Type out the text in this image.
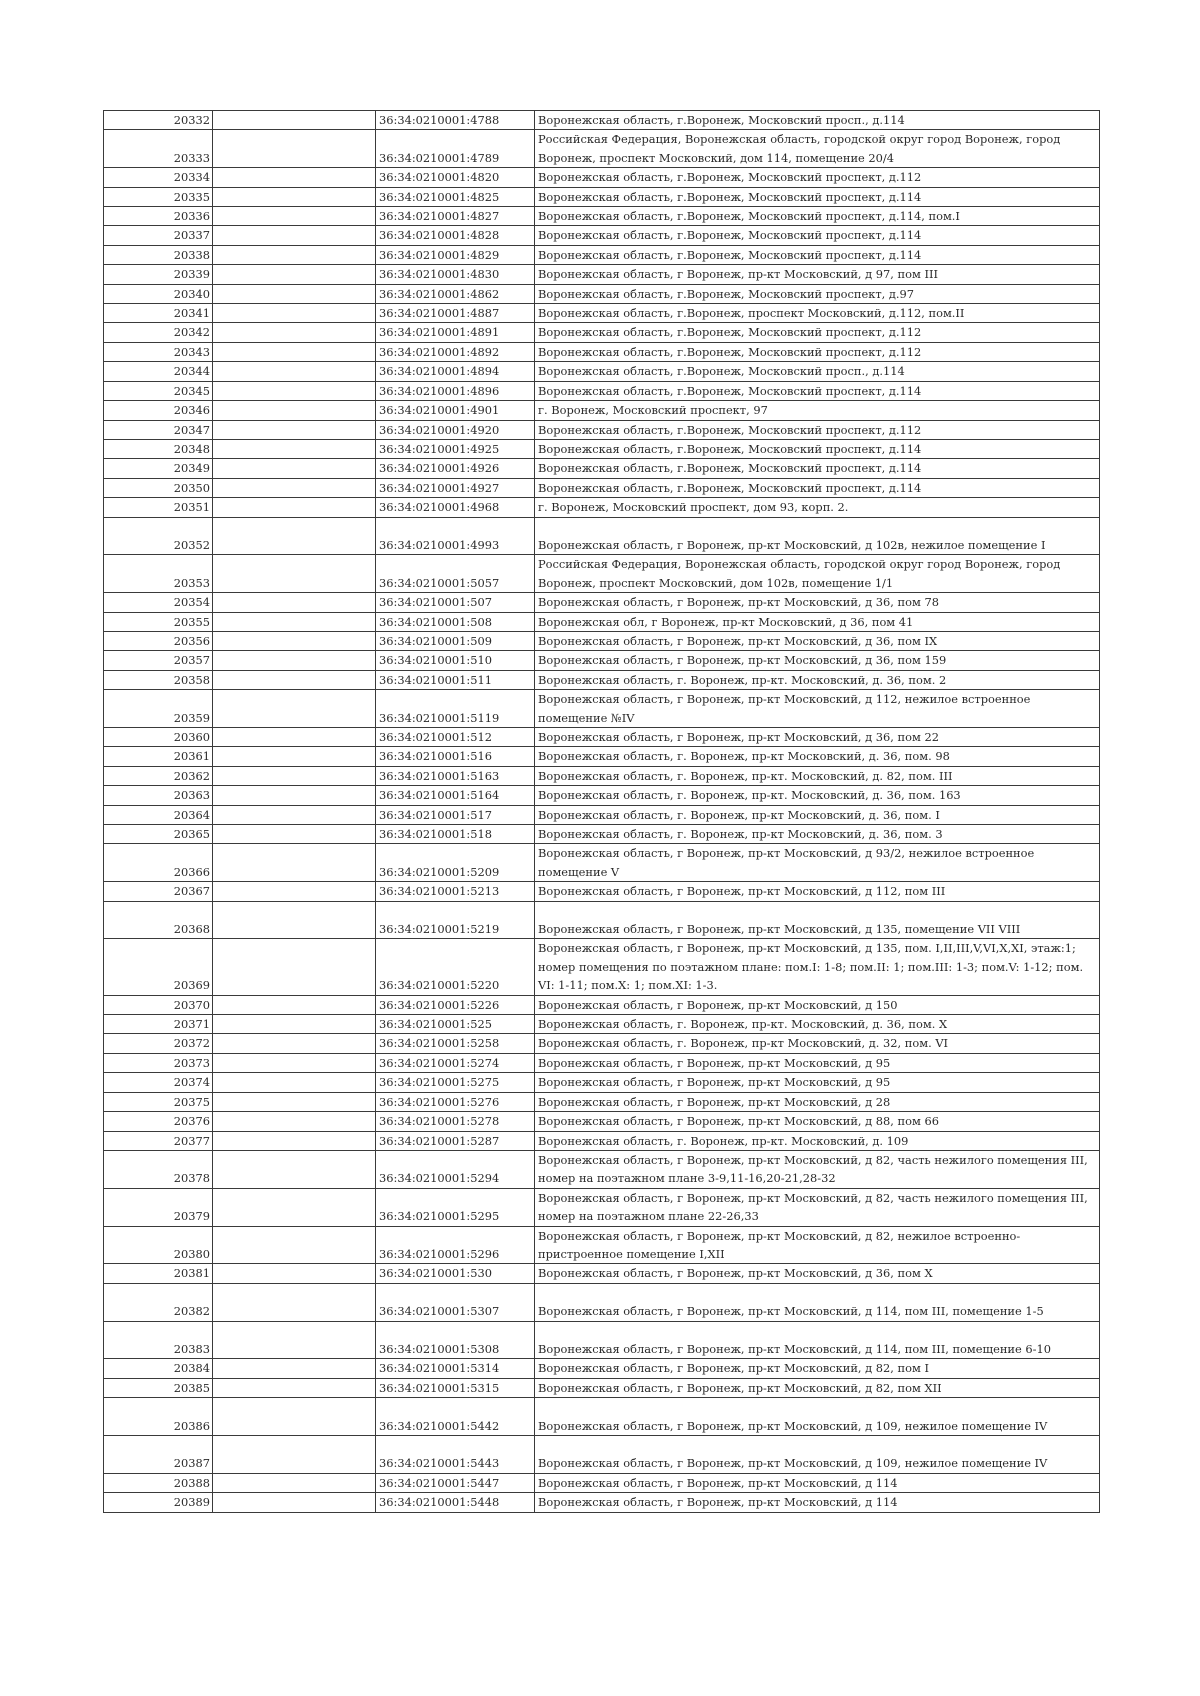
20332		36:34:0210001:4788	Воронежская область, г.Воронеж, Московский просп., д.114
20333		36:34:0210001:4789	Российская Федерация, Воронежская область, городской округ город Воронеж, город Воронеж, проспект Московский, дом 114, помещение 20/4
20334		36:34:0210001:4820	Воронежская область, г.Воронеж, Московский проспект, д.112
20335		36:34:0210001:4825	Воронежская область, г.Воронеж, Московский проспект, д.114
20336		36:34:0210001:4827	Воронежская область, г.Воронеж, Московский проспект, д.114, пом.I
20337		36:34:0210001:4828	Воронежская область, г.Воронеж, Московский проспект, д.114
20338		36:34:0210001:4829	Воронежская область, г.Воронеж, Московский проспект, д.114
20339		36:34:0210001:4830	Воронежская область, г Воронеж, пр-кт Московский, д 97, пом III
20340		36:34:0210001:4862	Воронежская область, г.Воронеж, Московский проспект, д.97
20341		36:34:0210001:4887	Воронежская область, г.Воронеж, проспект Московский, д.112, пом.II
20342		36:34:0210001:4891	Воронежская область, г.Воронеж, Московский проспект, д.112
20343		36:34:0210001:4892	Воронежская область, г.Воронеж, Московский проспект, д.112
20344		36:34:0210001:4894	Воронежская область, г.Воронеж, Московский просп., д.114
20345		36:34:0210001:4896	Воронежская область, г.Воронеж, Московский проспект, д.114
20346		36:34:0210001:4901	г. Воронеж, Московский проспект, 97
20347		36:34:0210001:4920	Воронежская область, г.Воронеж, Московский проспект, д.112
20348		36:34:0210001:4925	Воронежская область, г.Воронеж, Московский проспект, д.114
20349		36:34:0210001:4926	Воронежская область, г.Воронеж, Московский проспект, д.114
20350		36:34:0210001:4927	Воронежская область, г.Воронеж, Московский проспект, д.114
20351		36:34:0210001:4968	г. Воронеж, Московский проспект, дом 93, корп. 2.
20352		36:34:0210001:4993	Воронежская область, г Воронеж, пр-кт Московский, д 102в, нежилое помещение I
20353		36:34:0210001:5057	Российская Федерация, Воронежская область, городской округ город Воронеж, город Воронеж, проспект Московский, дом 102в, помещение 1/1
20354		36:34:0210001:507	Воронежская область, г Воронеж, пр-кт Московский, д 36, пом 78
20355		36:34:0210001:508	Воронежская обл, г Воронеж, пр-кт Московский, д 36, пом 41
20356		36:34:0210001:509	Воронежская область, г Воронеж, пр-кт Московский, д 36, пом IX
20357		36:34:0210001:510	Воронежская область, г Воронеж, пр-кт Московский, д 36, пом 159
20358		36:34:0210001:511	Воронежская область, г. Воронеж, пр-кт. Московский, д. 36, пом. 2
20359		36:34:0210001:5119	Воронежская область, г Воронеж, пр-кт Московский, д 112, нежилое встроенное помещение №IV
20360		36:34:0210001:512	Воронежская область, г Воронеж, пр-кт Московский, д 36, пом 22
20361		36:34:0210001:516	Воронежская область, г. Воронеж, пр-кт Московский, д. 36, пом. 98
20362		36:34:0210001:5163	Воронежская область, г. Воронеж, пр-кт. Московский, д. 82, пом. III
20363		36:34:0210001:5164	Воронежская область, г. Воронеж, пр-кт. Московский, д. 36, пом. 163
20364		36:34:0210001:517	Воронежская область, г. Воронеж, пр-кт Московский, д. 36, пом. I
20365		36:34:0210001:518	Воронежская область, г. Воронеж, пр-кт Московский, д. 36, пом. 3
20366		36:34:0210001:5209	Воронежская область, г Воронеж, пр-кт Московский, д 93/2, нежилое встроенное помещение V
20367		36:34:0210001:5213	Воронежская область, г Воронеж, пр-кт Московский, д 112, пом III
20368		36:34:0210001:5219	Воронежская область, г Воронеж, пр-кт Московский, д 135, помещение VII VIII
20369		36:34:0210001:5220	Воронежская область, г Воронеж, пр-кт Московский, д 135, пом. I,II,III,V,VI,X,XI, этаж:1; номер помещения по поэтажном плане: пом.I: 1-8; пом.II: 1; пом.III: 1-3; пом.V: 1-12; пом. VI: 1-11; пом.X: 1; пом.XI: 1-3.
20370		36:34:0210001:5226	Воронежская область, г Воронеж, пр-кт Московский, д 150
20371		36:34:0210001:525	Воронежская область, г. Воронеж, пр-кт. Московский, д. 36, пом. X
20372		36:34:0210001:5258	Воронежская область, г. Воронеж, пр-кт Московский, д. 32, пом. VI
20373		36:34:0210001:5274	Воронежская область, г Воронеж, пр-кт Московский, д 95
20374		36:34:0210001:5275	Воронежская область, г Воронеж, пр-кт Московский, д 95
20375		36:34:0210001:5276	Воронежская область, г Воронеж, пр-кт Московский, д 28
20376		36:34:0210001:5278	Воронежская область, г Воронеж, пр-кт Московский, д 88, пом 66
20377		36:34:0210001:5287	Воронежская область, г. Воронеж, пр-кт. Московский, д. 109
20378		36:34:0210001:5294	Воронежская область, г Воронеж, пр-кт Московский, д 82, часть нежилого помещения III, номер на поэтажном плане 3-9,11-16,20-21,28-32
20379		36:34:0210001:5295	Воронежская область, г Воронеж, пр-кт Московский, д 82, часть нежилого помещения III, номер на поэтажном плане 22-26,33
20380		36:34:0210001:5296	Воронежская область, г Воронеж, пр-кт Московский, д 82, нежилое встроенно-пристроенное помещение I,XII
20381		36:34:0210001:530	Воронежская область, г Воронеж, пр-кт Московский, д 36, пом X
20382		36:34:0210001:5307	Воронежская область, г Воронеж, пр-кт Московский, д 114, пом III, помещение 1-5
20383		36:34:0210001:5308	Воронежская область, г Воронеж, пр-кт Московский, д 114, пом III, помещение 6-10
20384		36:34:0210001:5314	Воронежская область, г Воронеж, пр-кт Московский, д 82, пом I
20385		36:34:0210001:5315	Воронежская область, г Воронеж, пр-кт Московский, д 82, пом XII
20386		36:34:0210001:5442	Воронежская область, г Воронеж, пр-кт Московский, д 109, нежилое помещение IV
20387		36:34:0210001:5443	Воронежская область, г Воронеж, пр-кт Московский, д 109, нежилое помещение IV
20388		36:34:0210001:5447	Воронежская область, г Воронеж, пр-кт Московский, д 114
20389		36:34:0210001:5448	Воронежская область, г Воронеж, пр-кт Московский, д 114
